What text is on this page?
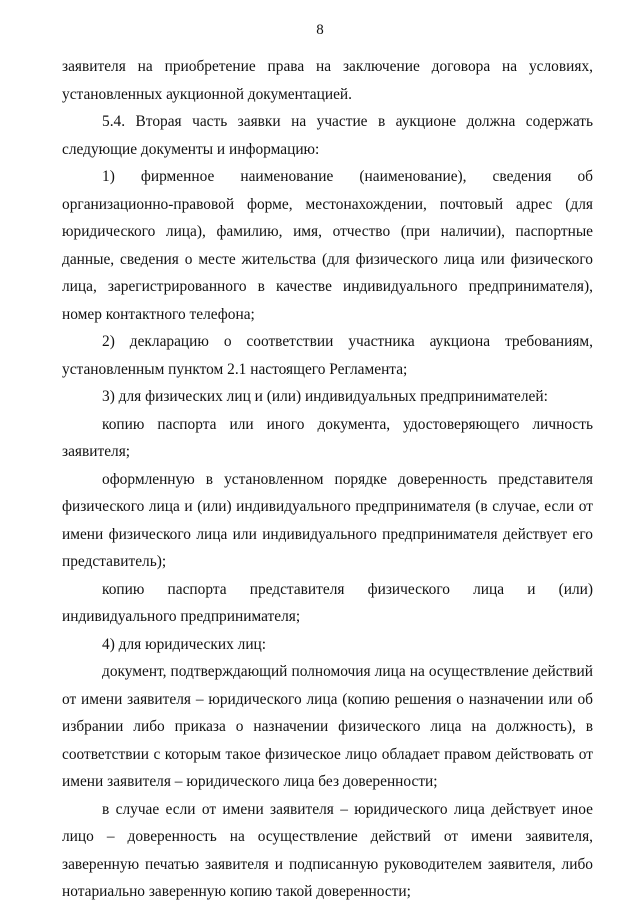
8

заявителя на приобретение права на заключение договора на условиях, установленных аукционной документацией.

5.4. Вторая часть заявки на участие в аукционе должна содержать следующие документы и информацию:

1) фирменное наименование (наименование), сведения об организационно-правовой форме, местонахождении, почтовый адрес (для юридического лица), фамилию, имя, отчество (при наличии), паспортные данные, сведения о месте жительства (для физического лица или физического лица, зарегистрированного в качестве индивидуального предпринимателя), номер контактного телефона;

2) декларацию о соответствии участника аукциона требованиям, установленным пунктом 2.1 настоящего Регламента;

3) для физических лиц и (или) индивидуальных предпринимателей:

копию паспорта или иного документа, удостоверяющего личность заявителя;

оформленную в установленном порядке доверенность представителя физического лица и (или) индивидуального предпринимателя (в случае, если от имени физического лица или индивидуального предпринимателя действует его представитель);

копию паспорта представителя физического лица и (или) индивидуального предпринимателя;

4) для юридических лиц:

документ, подтверждающий полномочия лица на осуществление действий от имени заявителя – юридического лица (копию решения о назначении или об избрании либо приказа о назначении физического лица на должность), в соответствии с которым такое физическое лицо обладает правом действовать от имени заявителя – юридического лица без доверенности;

в случае если от имени заявителя – юридического лица действует иное лицо – доверенность на осуществление действий от имени заявителя, заверенную печатью заявителя и подписанную руководителем заявителя, либо нотариально заверенную копию такой доверенности;
